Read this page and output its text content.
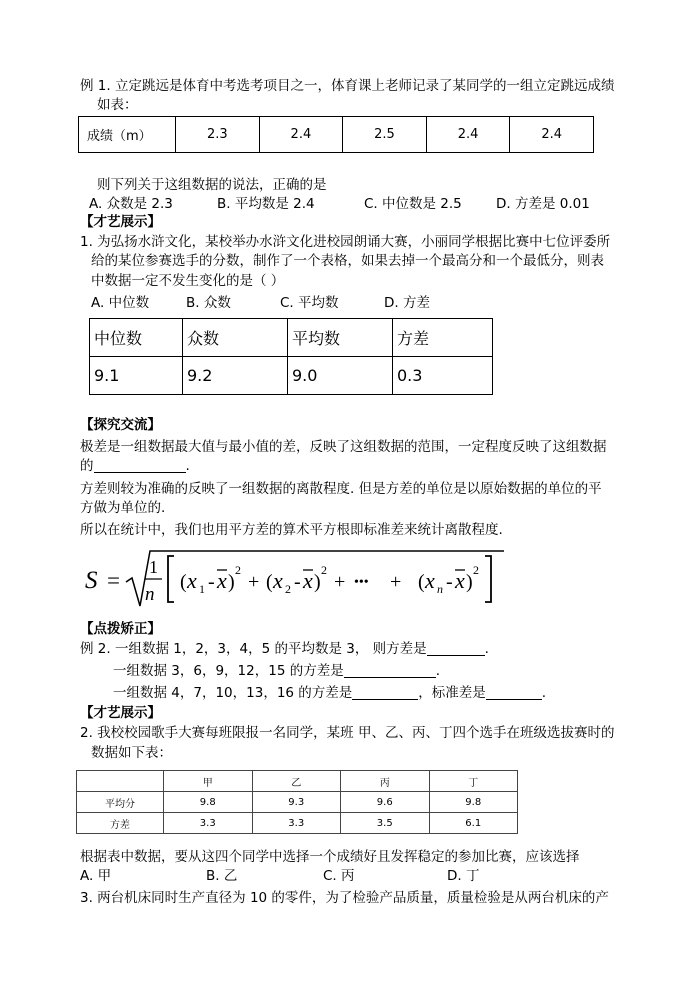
例 1. 立定跳远是体育中考选考项目之一，体育课上老师记录了某同学的一组立定跳远成绩
如表：
成绩（m）	2.3	2.4	2.5	2.4	2.4
则下列关于这组数据的说法，正确的是
A. 众数是 2.3	B. 平均数是 2.4	C. 中位数是 2.5	D. 方差是 0.01
【才艺展示】
1. 为弘扬水浒文化，某校举办水浒文化进校园朗诵大赛，小丽同学根据比赛中七位评委所
给的某位参赛选手的分数，制作了一个表格，如果去掉一个最高分和一个最低分，则表
中数据一定不发生变化的是（ ）
A. 中位数	B. 众数	C. 平均数	D. 方差
中位数	众数	平均数	方差
9.1	9.2	9.0	0.3
【探究交流】
极差是一组数据最大值与最小值的差，反映了这组数据的范围，一定程度反映了这组数据
的	.
方差则较为准确的反映了一组数据的离散程度. 但是方差的单位是以原始数据的单位的平
方做为单位的.
所以在统计中，我们也用平方差的算术平方根即标准差来统计离散程度.
S =
1
n
( x 1 - x )
2
+ ( x 2 - x )
2
+ ••• + ( x n - x )
2
【点拨矫正】
例 2. 一组数据 1，2，3，4，5 的平均数是 3， 则方差是	.
一组数据 3，6，9，12，15 的方差是	.
一组数据 4，7，10，13，16 的方差是	，标准差是	.
【才艺展示】
2. 我校校园歌手大赛每班限报一名同学，某班 甲、乙、丙、丁四个选手在班级选拔赛时的
数据如下表：
	甲	乙	丙	丁
平均分	9.8	9.3	9.6	9.8
方差	3.3	3.3	3.5	6.1
根据表中数据，要从这四个同学中选择一个成绩好且发挥稳定的参加比赛，应该选择
A. 甲	B. 乙	C. 丙	D. 丁
3. 两台机床同时生产直径为 10 的零件，为了检验产品质量，质量检验是从两台机床的产
